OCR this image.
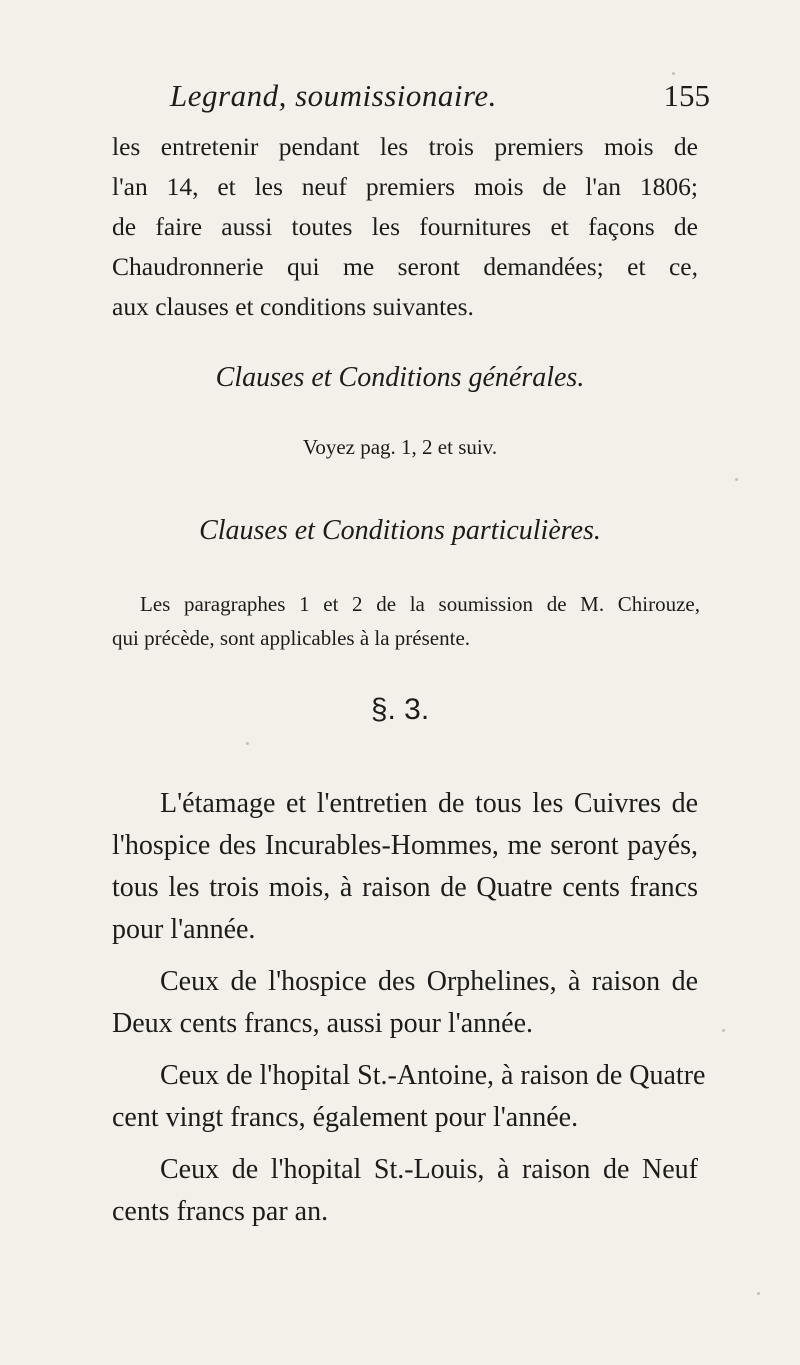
Legrand, soumissionaire.	155
les entretenir pendant les trois premiers mois de
l'an 14, et les neuf premiers mois de l'an 1806;
de faire aussi toutes les fournitures et façons de
Chaudronnerie qui me seront demandées; et ce,
aux clauses et conditions suivantes.
Clauses et Conditions générales.
Voyez pag. 1, 2 et suiv.
Clauses et Conditions particulières.
Les paragraphes 1 et 2 de la soumission de M. Chirouze,
qui précède, sont applicables à la présente.
§. 3.
L'étamage et l'entretien de tous les Cuivres de
l'hospice des Incurables-Hommes, me seront payés,
tous les trois mois, à raison de Quatre cents francs
pour l'année.
Ceux de l'hospice des Orphelines, à raison de
Deux cents francs, aussi pour l'année.
Ceux de l'hopital St.-Antoine, à raison de Quatre
cent vingt francs, également pour l'année.
Ceux de l'hopital St.-Louis, à raison de Neuf
cents francs par an.
